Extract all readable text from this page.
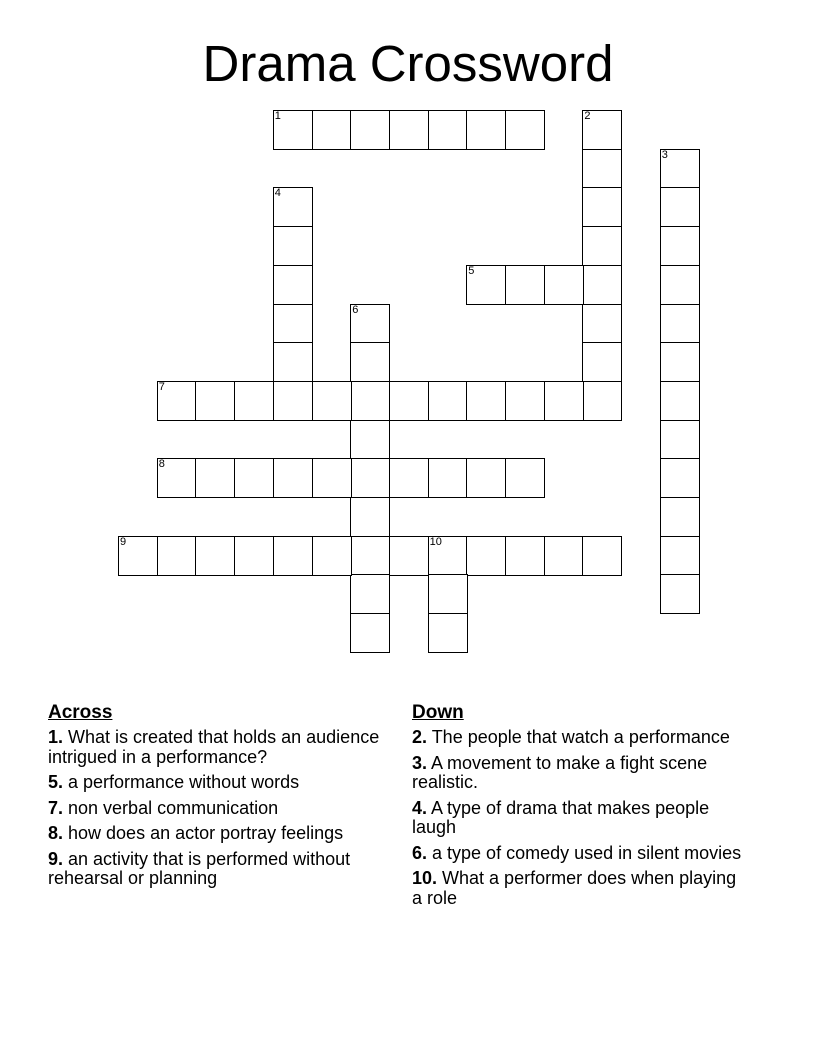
Drama Crossword
1	2
3
4
5
6
7
8
9	10
Across
1. What is created that holds an audience intrigued in a performance?
5. a performance without words
7. non verbal communication
8. how does an actor portray feelings
9. an activity that is performed without rehearsal or planning
Down
2. The people that watch a performance
3. A movement to make a fight scene realistic.
4. A type of drama that makes people laugh
6. a type of comedy used in silent movies
10. What a performer does when playing a role
